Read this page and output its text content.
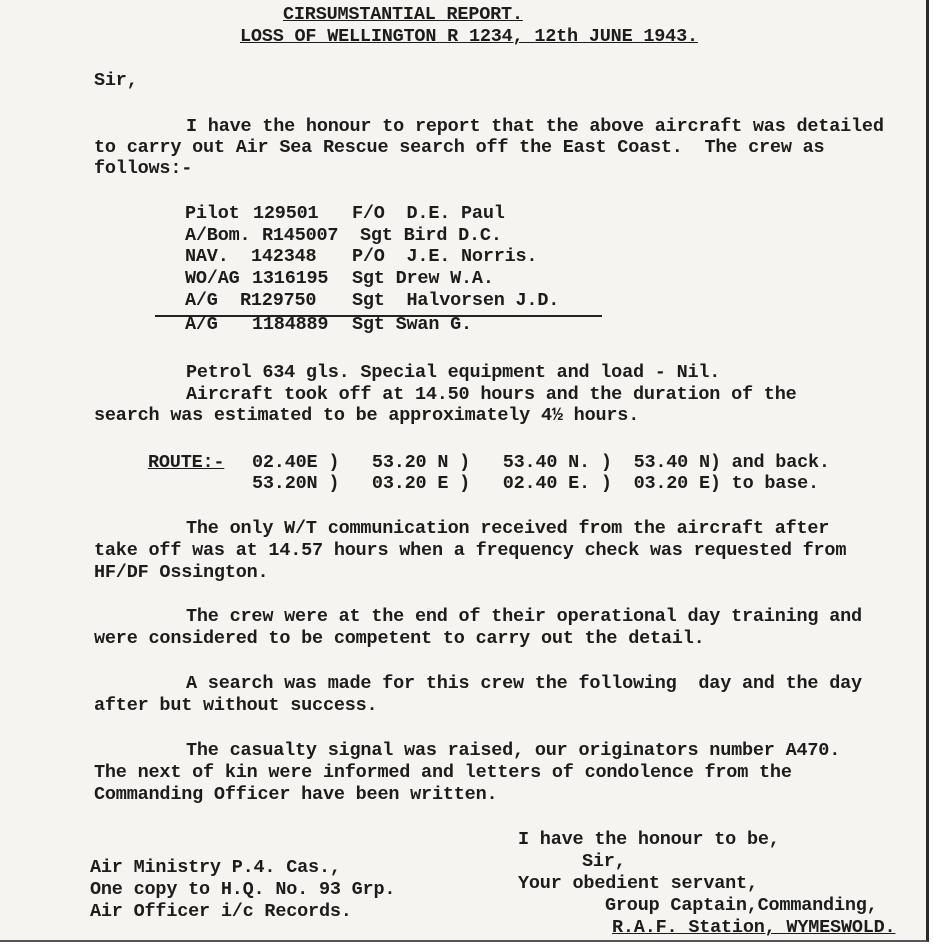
CIRSUMSTANTIAL REPORT.
LOSS OF WELLINGTON R 1234, 12th JUNE 1943.
Sir,
I have the honour to report that the above aircraft was detailed
to carry out Air Sea Rescue search off the East Coast.  The crew as
follows:-
Pilot 129501 F/O  D.E. Paul
A/Bom. R145007 Sgt Bird D.C.
NAV. 142348 P/O  J.E. Norris.
WO/AG 1316195 Sgt Drew W.A.
A/G R129750 Sgt  Halvorsen J.D.
A/G 1184889 Sgt Swan G.
Petrol 634 gls. Special equipment and load - Nil.
Aircraft took off at 14.50 hours and the duration of the
search was estimated to be approximately 4½ hours.
ROUTE:- 02.40E )   53.20 N )   53.40 N. )  53.40 N) and back.
53.20N )   03.20 E )   02.40 E. )  03.20 E) to base.
The only W/T communication received from the aircraft after
take off was at 14.57 hours when a frequency check was requested from
HF/DF Ossington.
The crew were at the end of their operational day training and
were considered to be competent to carry out the detail.
A search was made for this crew the following  day and the day
after but without success.
The casualty signal was raised, our originators number A470.
The next of kin were informed and letters of condolence from the
Commanding Officer have been written.
I have the honour to be,
Sir,
Your obedient servant,
Group Captain,Commanding,
R.A.F. Station, WYMESWOLD.
Air Ministry P.4. Cas.,
One copy to H.Q. No. 93 Grp.
Air Officer i/c Records.
